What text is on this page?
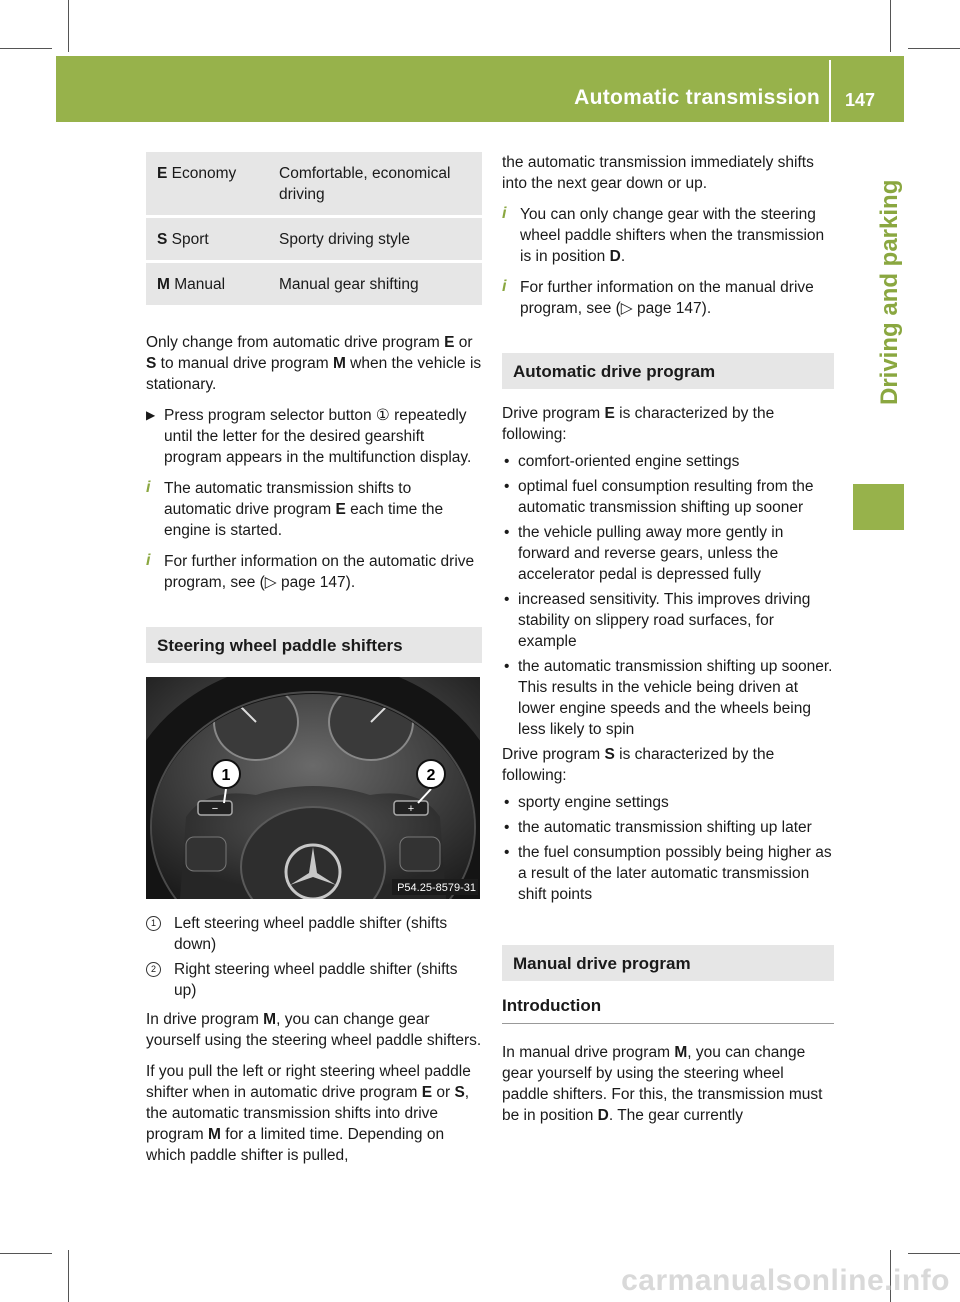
Automatic transmission 147
Driving and parking
E Economy	Comfortable, economical driving
S Sport	Sporty driving style
M Manual	Manual gear shifting

Only change from automatic drive program E or S to manual drive program M when the vehicle is stationary.

▶ Press program selector button ① repeatedly until the letter for the desired gearshift program appears in the multifunction display.

i The automatic transmission shifts to automatic drive program E each time the engine is started.

i For further information on the automatic drive program, see (▷ page 147).

Steering wheel paddle shifters
−	+
1	2
P54.25-8579-31

1	Left steering wheel paddle shifter (shifts down)

2	Right steering wheel paddle shifter (shifts up)

In drive program M, you can change gear yourself using the steering wheel paddle shifters.

If you pull the left or right steering wheel paddle shifter when in automatic drive program E or S, the automatic transmission shifts into drive program M for a limited time. Depending on which paddle shifter is pulled,

the automatic transmission immediately shifts into the next gear down or up.

i You can only change gear with the steering wheel paddle shifters when the transmission is in position D.

i For further information on the manual drive program, see (▷ page 147).

Automatic drive program

Drive program E is characterized by the following:

• comfort-oriented engine settings

• optimal fuel consumption resulting from the automatic transmission shifting up sooner

• the vehicle pulling away more gently in forward and reverse gears, unless the accelerator pedal is depressed fully

• increased sensitivity. This improves driving stability on slippery road surfaces, for example

• the automatic transmission shifting up sooner. This results in the vehicle being driven at lower engine speeds and the wheels being less likely to spin

Drive program S is characterized by the following:

• sporty engine settings

• the automatic transmission shifting up later

• the fuel consumption possibly being higher as a result of the later automatic transmission shift points

Manual drive program
Introduction

In manual drive program M, you can change gear yourself by using the steering wheel paddle shifters. For this, the transmission must be in position D. The gear currently

carmanualsonline.info
